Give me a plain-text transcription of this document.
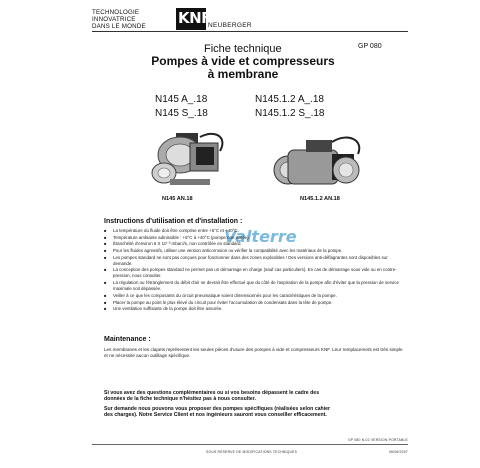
TECHNOLOGIE
INNOVATRICE
DANS LE MONDE	KNF
NEUBERGER
Fiche technique	GP 080
Pompes à vide et compresseurs
à membrane
N145 A_.18
N145 S_.18
N145.1.2 A_.18
N145.1.2 S_.18
N145 AN.18	N145.1.2 AN.18
Instructions d'utilisation et d'installation :
Valterre
■ La température du fluide doit être comprise entre +5°C et +40°C.
■ Température ambiante admissible : +5°C à +40°C (pompe non isolée).
■ Étanchéité d'environ 6 X 10⁻³ mbar.l/s, non contrôlée en standard.
■ Pour les fluides agressifs, utiliser une version anticorrosion ou vérifier la compatibilité avec les matériaux de la pompe.
■ Les pompes standard ne sont pas conçues pour fonctionner dans des zones explosibles ! Des versions anti-déflagrantes sont disponibles sur demande.
■ La conception des pompes standard ne permet pas un démarrage en charge (sauf cas particuliers). En cas de démarrage sous vide ou en contre-pression, nous consulter.
■ La régulation ou l'étranglement du débit d'air ne devrait être effectué que du côté de l'aspiration de la pompe afin d'éviter que la pression de service maximale soit dépassée.
■ Veiller à ce que les composants du circuit pneumatique soient dimensionnés pour les caractéristiques de la pompe.
■ Placer la pompe au point le plus élevé du circuit pour éviter l'accumulation de condensats dans la tête de pompe.
■ Une ventilation suffisante de la pompe doit être assurée.
Maintenance :
Les membranes et les clapets représentent les seules pièces d'usure des pompes à vide et compresseurs KNF. Leur remplacement est très simple et ne nécessite aucun outillage spécifique.
Si vous avez des questions complémentaires ou si vos besoins dépassent le cadre des données de la fiche technique n'hésitez pas à nous consulter.
Sur demande nous pouvons vous proposer des pompes spécifiques (réalisées selon cahier des charges). Notre Service Client et nos ingénieurs sauront vous conseiller efficacement.
GP 080 N.02 VERSION PORTABLE
SOUS RÉSERVE DE MODIFICATIONS TECHNIQUES	06/06/2007
